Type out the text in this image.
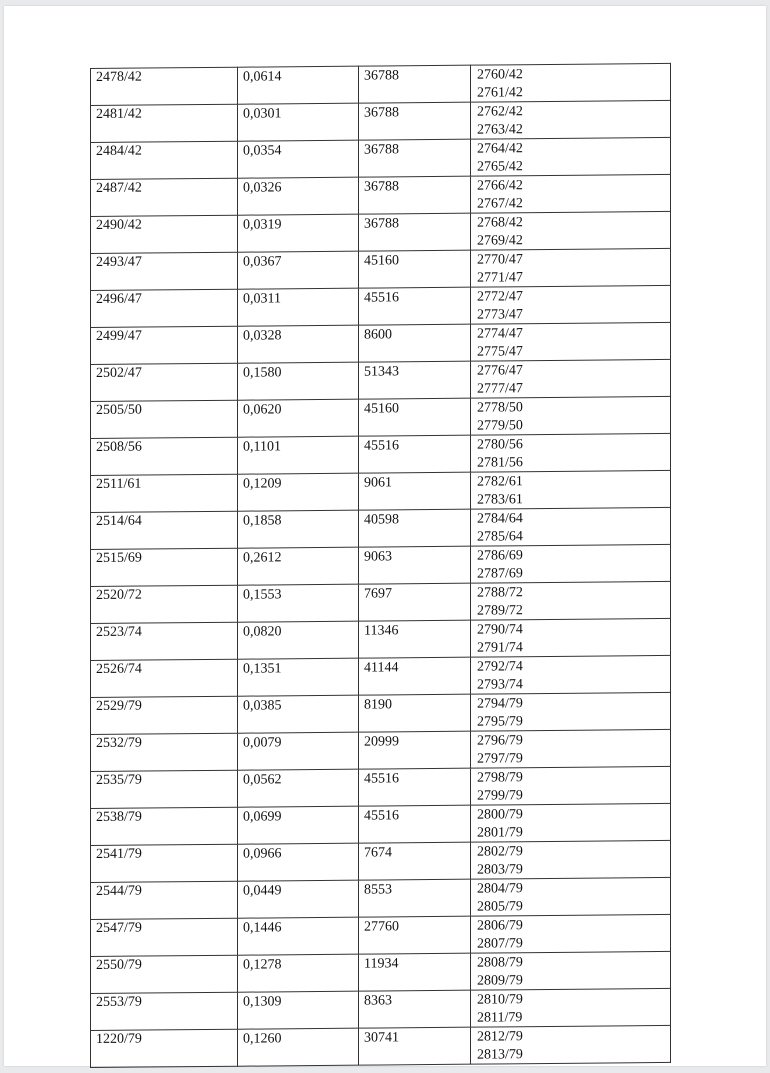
2478/42	0,0614	36788	2760/42
2761/42

2481/42	0,0301	36788	2762/42
2763/42

2484/42	0,0354	36788	2764/42
2765/42

2487/42	0,0326	36788	2766/42
2767/42

2490/42	0,0319	36788	2768/42
2769/42

2493/47	0,0367	45160	2770/47
2771/47

2496/47	0,0311	45516	2772/47
2773/47

2499/47	0,0328	8600	2774/47
2775/47

2502/47	0,1580	51343	2776/47
2777/47

2505/50	0,0620	45160	2778/50
2779/50

2508/56	0,1101	45516	2780/56
2781/56

2511/61	0,1209	9061	2782/61
2783/61

2514/64	0,1858	40598	2784/64
2785/64

2515/69	0,2612	9063	2786/69
2787/69

2520/72	0,1553	7697	2788/72
2789/72

2523/74	0,0820	11346	2790/74
2791/74

2526/74	0,1351	41144	2792/74
2793/74

2529/79	0,0385	8190	2794/79
2795/79

2532/79	0,0079	20999	2796/79
2797/79

2535/79	0,0562	45516	2798/79
2799/79

2538/79	0,0699	45516	2800/79
2801/79

2541/79	0,0966	7674	2802/79
2803/79

2544/79	0,0449	8553	2804/79
2805/79

2547/79	0,1446	27760	2806/79
2807/79

2550/79	0,1278	11934	2808/79
2809/79

2553/79	0,1309	8363	2810/79
2811/79

1220/79	0,1260	30741	2812/79
2813/79
